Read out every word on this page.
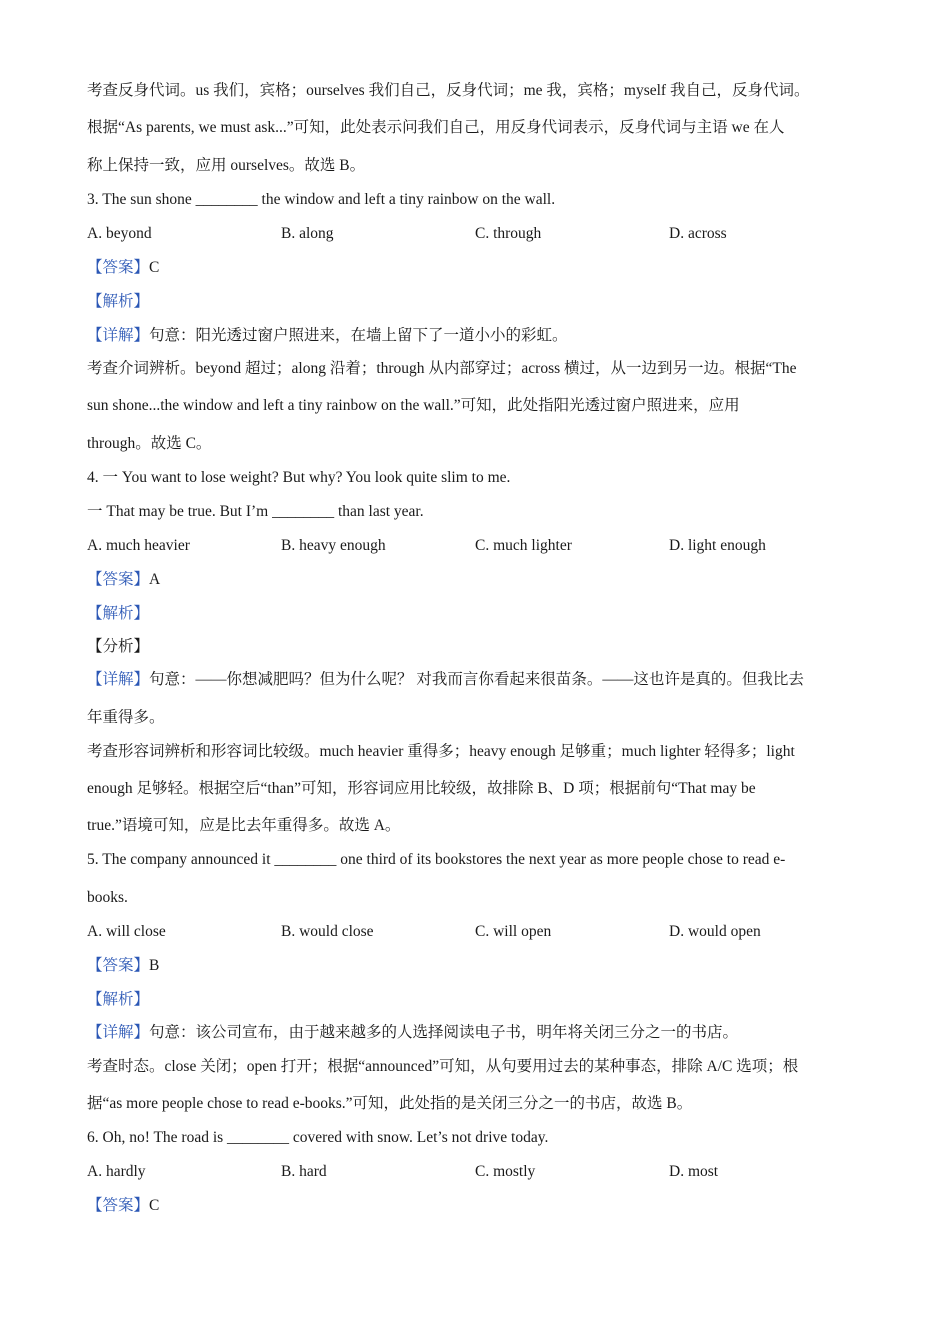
考查反身代词。us 我们，宾格；ourselves 我们自己，反身代词；me 我，宾格；myself 我自己，反身代词。
根据“As parents, we must ask...”可知，此处表示问我们自己，用反身代词表示，反身代词与主语 we 在人
称上保持一致，应用 ourselves。故选 B。
3. The sun shone ________ the window and left a tiny rainbow on the wall.
A. beyond	B. along	C. through	D. across
【答案】C
【解析】
【详解】句意：阳光透过窗户照进来，在墙上留下了一道小小的彩虹。
考查介词辨析。beyond 超过；along 沿着；through 从内部穿过；across 横过，从一边到另一边。根据“The
sun shone...the window and left a tiny rainbow on the wall.”可知，此处指阳光透过窗户照进来，应用
through。故选 C。
4. 一 You want to lose weight? But why? You look quite slim to me.
一 That may be true. But I’m ________ than last year.
A. much heavier	B. heavy enough	C. much lighter	D. light enough
【答案】A
【解析】
【分析】
【详解】句意：——你想减肥吗？但为什么呢？ 对我而言你看起来很苗条。——这也许是真的。但我比去
年重得多。
考查形容词辨析和形容词比较级。much heavier 重得多；heavy enough 足够重；much lighter 轻得多；light
enough 足够轻。根据空后“than”可知，形容词应用比较级，故排除 B、D 项；根据前句“That may be
true.”语境可知，应是比去年重得多。故选 A。
5. The company announced it ________ one third of its bookstores the next year as more people chose to read e-
books.
A. will close	B. would close	C. will open	D. would open
【答案】B
【解析】
【详解】句意：该公司宣布，由于越来越多的人选择阅读电子书，明年将关闭三分之一的书店。
考查时态。close 关闭；open 打开；根据“announced”可知，从句要用过去的某种事态，排除 A/C 选项；根
据“as more people chose to read e-books.”可知，此处指的是关闭三分之一的书店，故选 B。
6. Oh, no! The road is ________ covered with snow. Let’s not drive today.
A. hardly	B. hard	C. mostly	D. most
【答案】C
